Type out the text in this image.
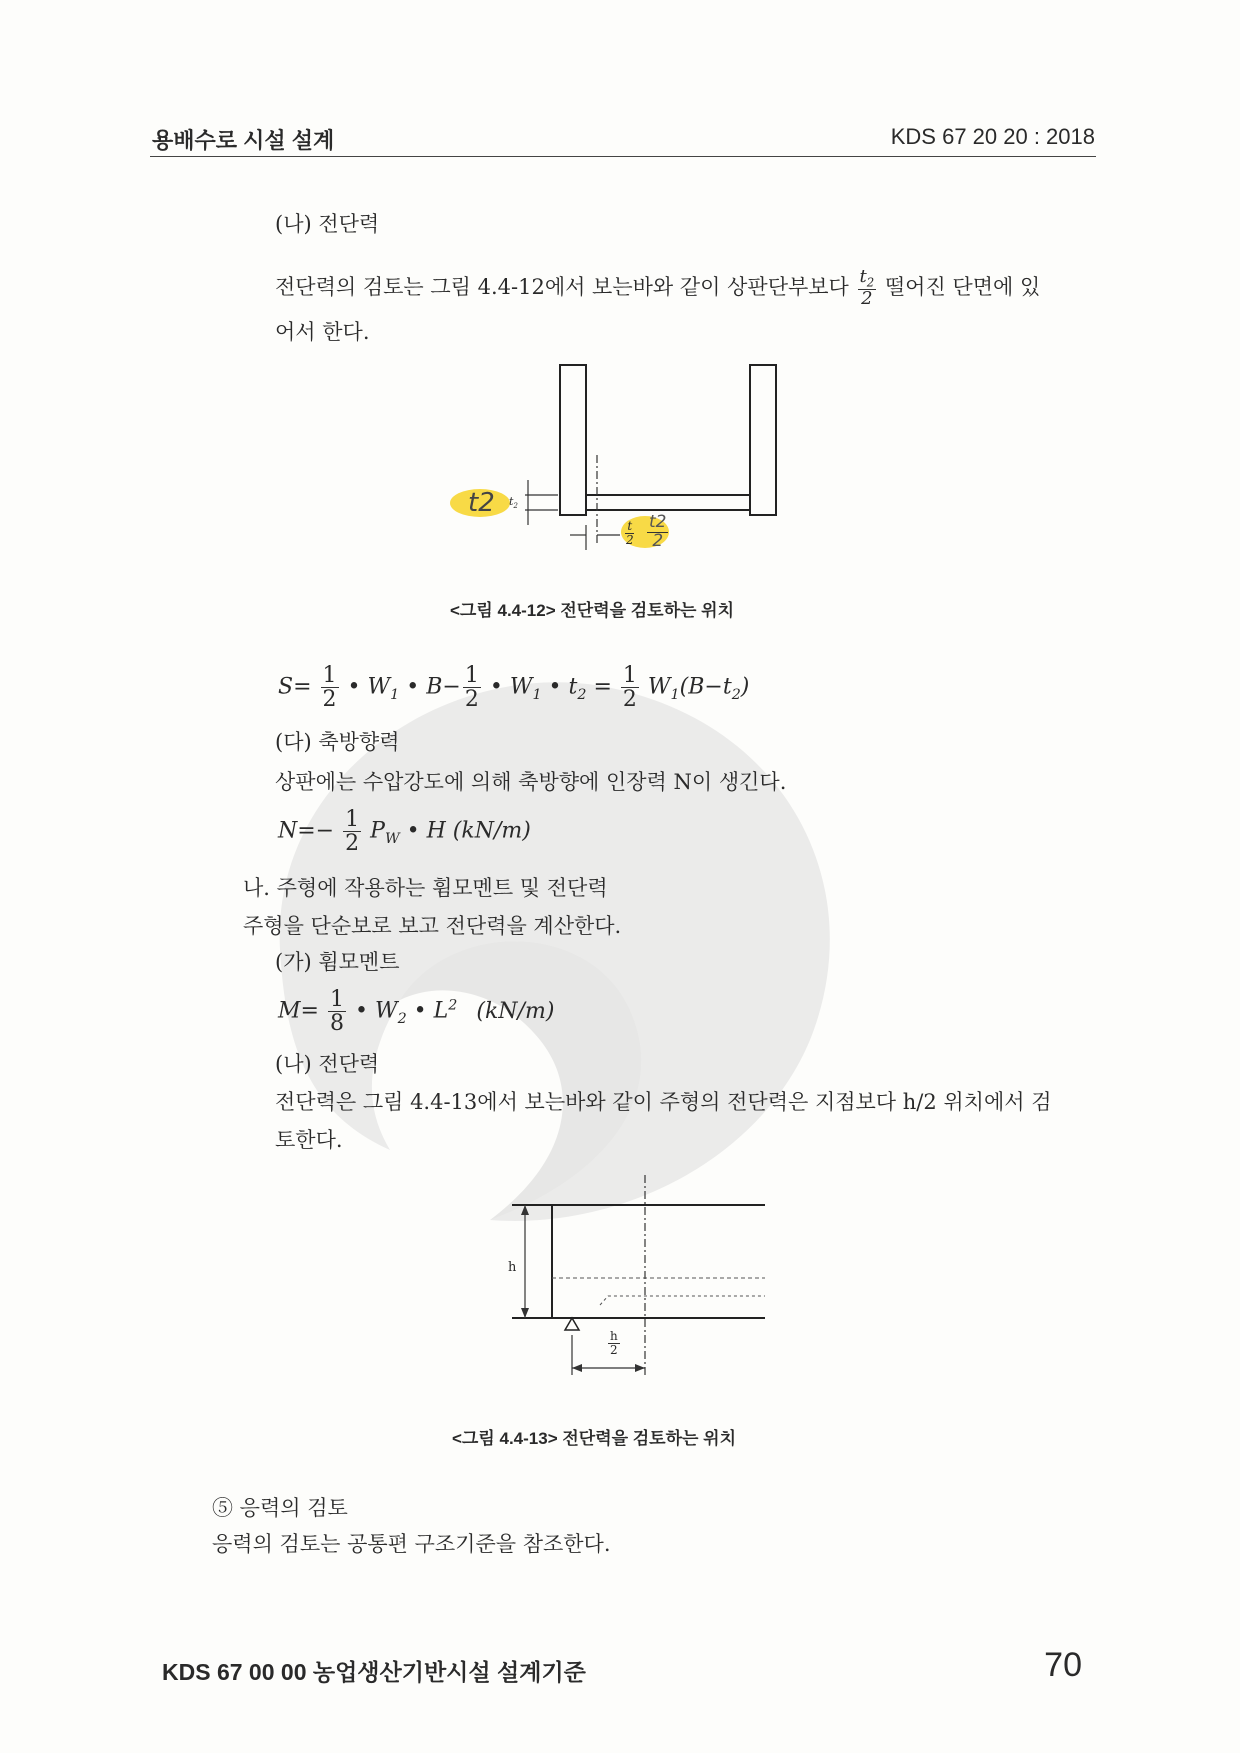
용배수로 시설 설계	KDS 67 20 20 : 2018
(나) 전단력
전단력의 검토는 그림 4.4-12에서 보는바와 같이 상판단부보다 $\frac{t_2}{2}$ 떨어진 단면에 있
어서 한다.
t2 $t_2$
$\frac{t}{2} \frac{t2}{2}$
<그림 4.4-12> 전단력을 검토하는 위치
$S= \frac{1}{2}$ • $W_1$ • $B- \frac{1}{2}$ • $W_1$ • $t_2 = \frac{1}{2} W_1(B-t_2)$
(다) 축방향력
상판에는 수압강도에 의해 축방향에 인장력 N이 생긴다.
$N=- \frac{1}{2} P_W$ • H (kN/m)
나. 주형에 작용하는 휨모멘트 및 전단력
주형을 단순보로 보고 전단력을 계산한다.
(가) 휨모멘트
$M= \frac{1}{8}$ • $W_2$ • $L^2$ (kN/m)
(나) 전단력
전단력은 그림 4.4-13에서 보는바와 같이 주형의 전단력은 지점보다 h/2 위치에서 검
토한다.
h
$\frac{h}{2}$
<그림 4.4-13> 전단력을 검토하는 위치
⑤ 응력의 검토
응력의 검토는 공통편 구조기준을 참조한다.
KDS 67 00 00 농업생산기반시설 설계기준	70
